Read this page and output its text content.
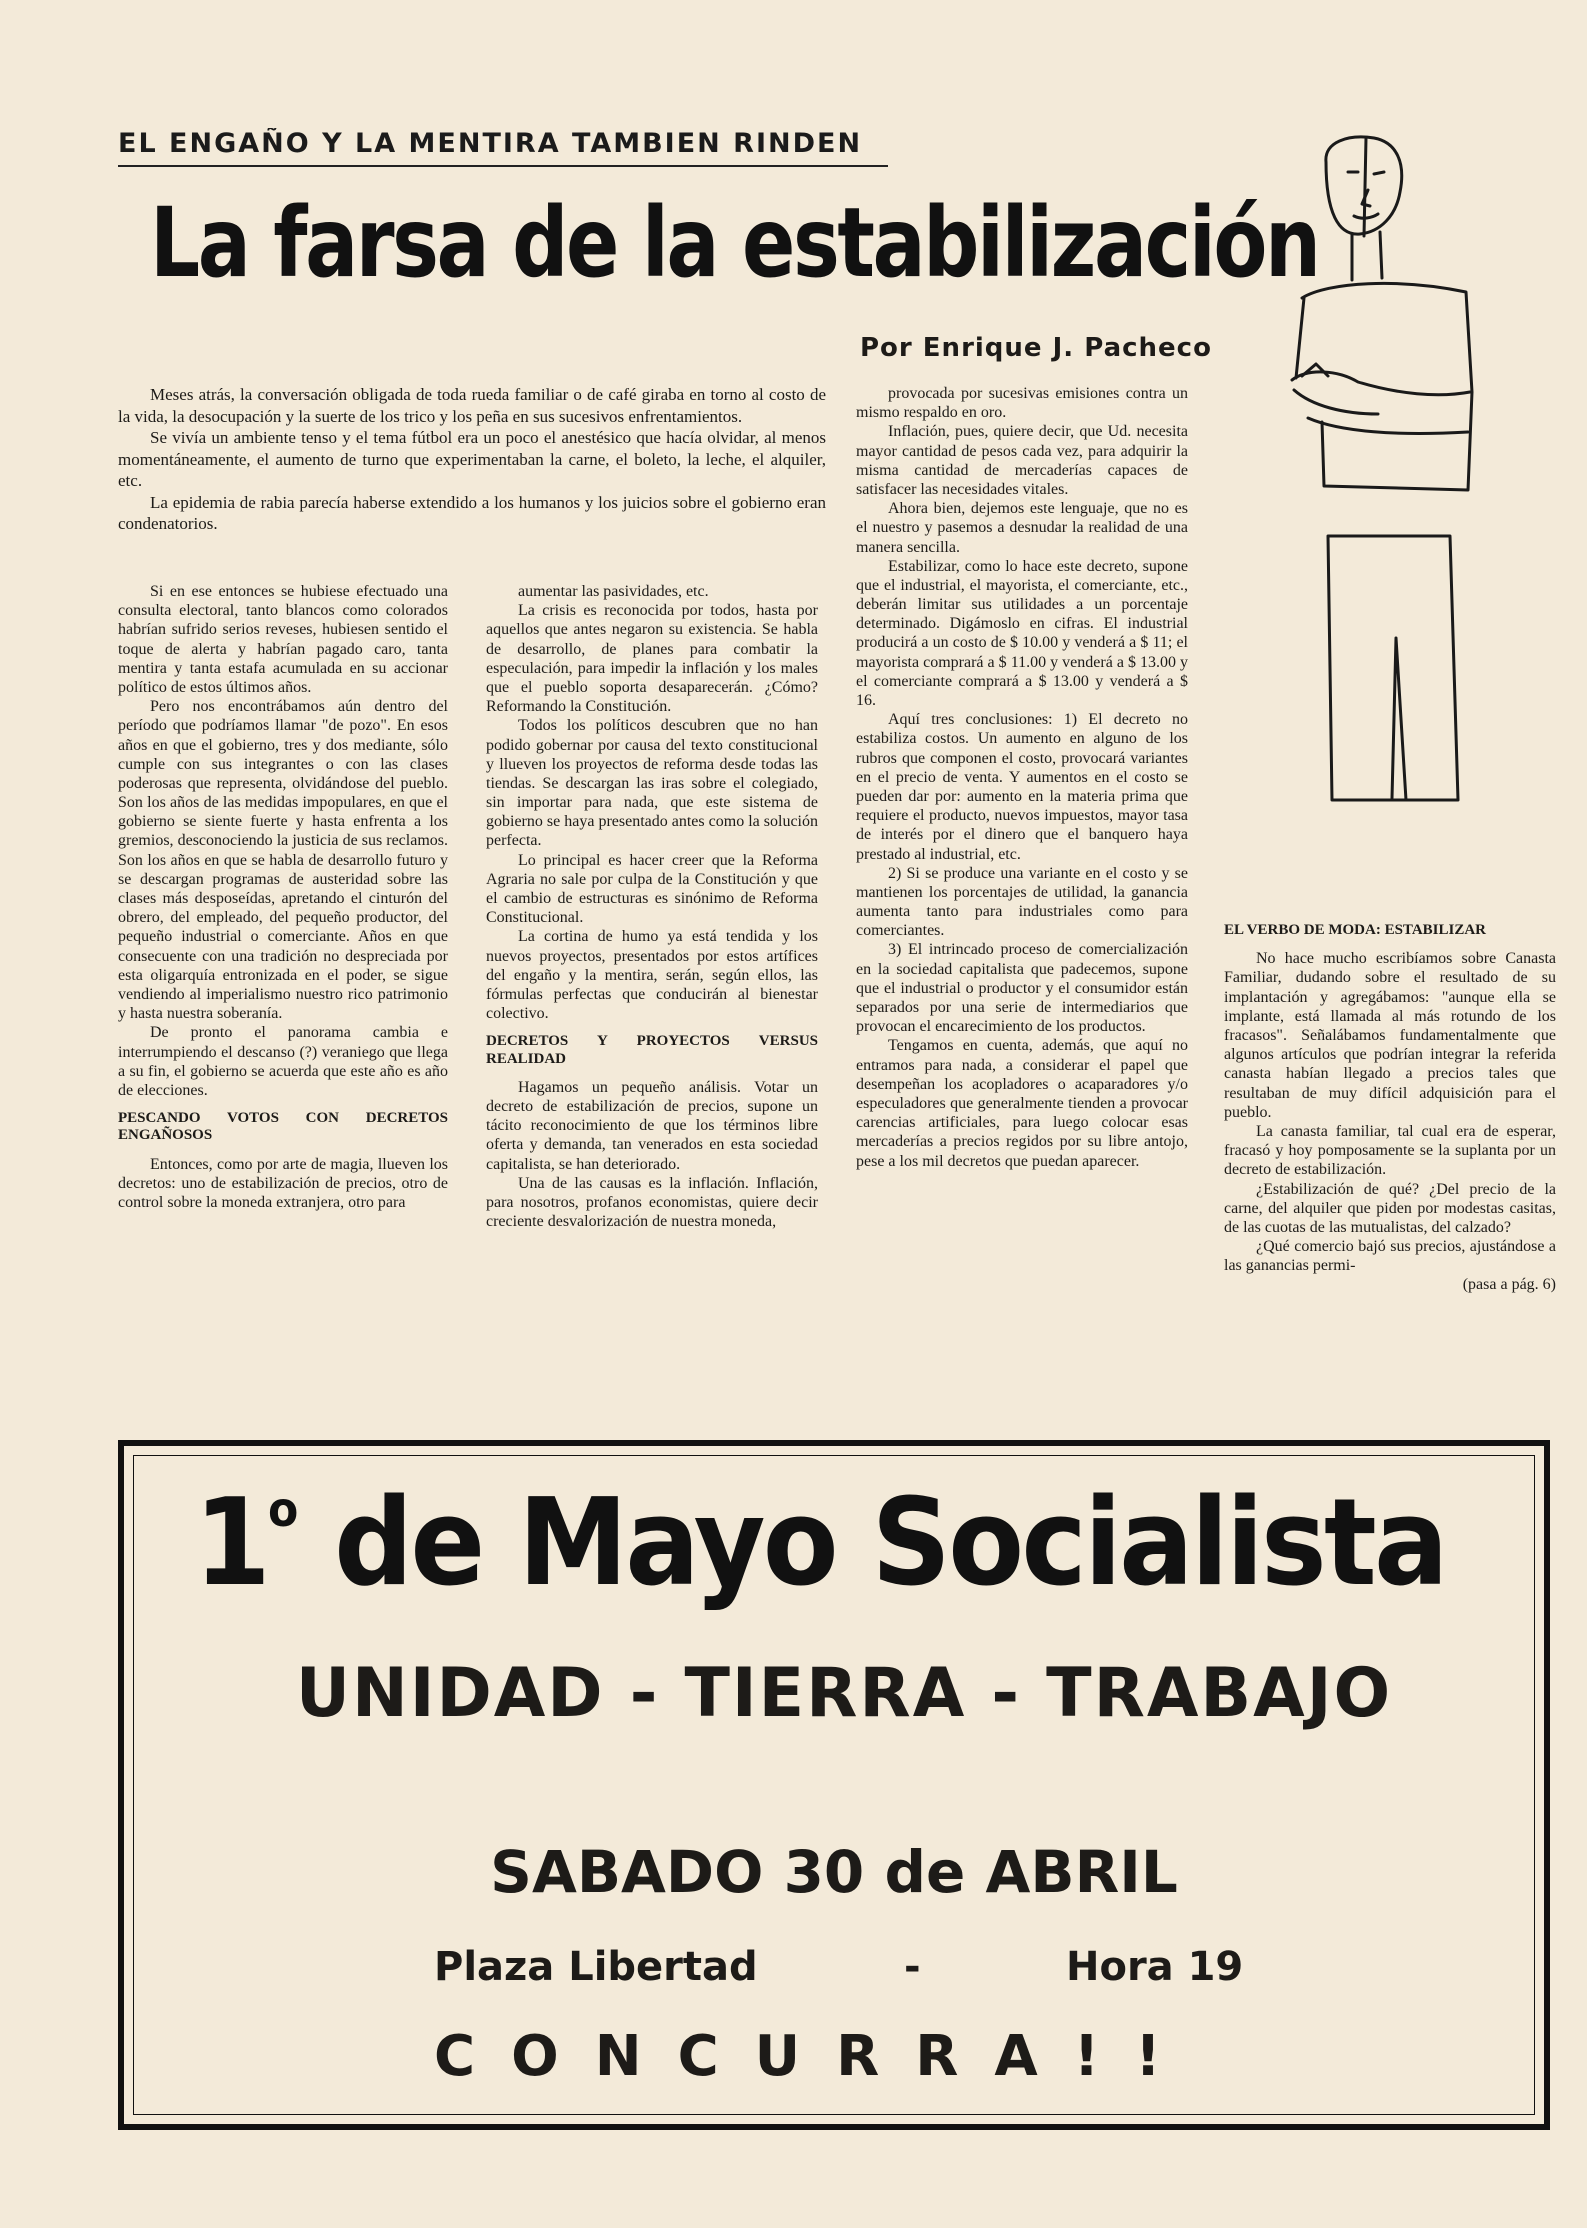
EL ENGAÑO Y LA MENTIRA TAMBIEN RINDEN
La farsa de la estabilización
Por Enrique J. Pacheco

Meses atrás, la conversación obligada de toda rueda familiar o de café giraba en torno al costo de la vida, la desocupación y la suerte de los trico y los peña en sus sucesivos enfrentamientos.

Se vivía un ambiente tenso y el tema fútbol era un poco el anestésico que hacía olvidar, al menos momentáneamente, el aumento de turno que experimentaban la carne, el boleto, la leche, el alquiler, etc.

La epidemia de rabia parecía haberse extendido a los humanos y los juicios sobre el gobierno eran condenatorios.

Si en ese entonces se hubiese efectuado una consulta electoral, tanto blancos como colorados habrían sufrido serios reveses, hubiesen sentido el toque de alerta y habrían pagado caro, tanta mentira y tanta estafa acumulada en su accionar político de estos últimos años.

Pero nos encontrábamos aún dentro del período que podríamos llamar "de pozo". En esos años en que el gobierno, tres y dos mediante, sólo cumple con sus integrantes o con las clases poderosas que representa, olvidándose del pueblo. Son los años de las medidas impopulares, en que el gobierno se siente fuerte y hasta enfrenta a los gremios, desconociendo la justicia de sus reclamos. Son los años en que se habla de desarrollo futuro y se descargan programas de austeridad sobre las clases más desposeídas, apretando el cinturón del obrero, del empleado, del pequeño productor, del pequeño industrial o comerciante. Años en que consecuente con una tradición no despreciada por esta oligarquía entronizada en el poder, se sigue vendiendo al imperialismo nuestro rico patrimonio y hasta nuestra soberanía.

De pronto el panorama cambia e interrumpiendo el descanso (?) veraniego que llega a su fin, el gobierno se acuerda que este año es año de elecciones.

PESCANDO VOTOS CON DECRETOS ENGAÑOSOS

Entonces, como por arte de magia, llueven los decretos: uno de estabilización de precios, otro de control sobre la moneda extranjera, otro para

aumentar las pasividades, etc.

La crisis es reconocida por todos, hasta por aquellos que antes negaron su existencia. Se habla de desarrollo, de planes para combatir la especulación, para impedir la inflación y los males que el pueblo soporta desaparecerán. ¿Cómo? Reformando la Constitución.

Todos los políticos descubren que no han podido gobernar por causa del texto constitucional y llueven los proyectos de reforma desde todas las tiendas. Se descargan las iras sobre el colegiado, sin importar para nada, que este sistema de gobierno se haya presentado antes como la solución perfecta.

Lo principal es hacer creer que la Reforma Agraria no sale por culpa de la Constitución y que el cambio de estructuras es sinónimo de Reforma Constitucional.

La cortina de humo ya está tendida y los nuevos proyectos, presentados por estos artífices del engaño y la mentira, serán, según ellos, las fórmulas perfectas que conducirán al bienestar colectivo.

DECRETOS Y PROYECTOS VERSUS REALIDAD

Hagamos un pequeño análisis. Votar un decreto de estabilización de precios, supone un tácito reconocimiento de que los términos libre oferta y demanda, tan venerados en esta sociedad capitalista, se han deteriorado.

Una de las causas es la inflación. Inflación, para nosotros, profanos economistas, quiere decir creciente desvalorización de nuestra moneda,

provocada por sucesivas emisiones contra un mismo respaldo en oro.

Inflación, pues, quiere decir, que Ud. necesita mayor cantidad de pesos cada vez, para adquirir la misma cantidad de mercaderías capaces de satisfacer las necesidades vitales.

Ahora bien, dejemos este lenguaje, que no es el nuestro y pasemos a desnudar la realidad de una manera sencilla.

Estabilizar, como lo hace este decreto, supone que el industrial, el mayorista, el comerciante, etc., deberán limitar sus utilidades a un porcentaje determinado. Digámoslo en cifras. El industrial producirá a un costo de $ 10.00 y venderá a $ 11; el mayorista comprará a $ 11.00 y venderá a $ 13.00 y el comerciante comprará a $ 13.00 y venderá a $ 16.

Aquí tres conclusiones: 1) El decreto no estabiliza costos. Un aumento en alguno de los rubros que componen el costo, provocará variantes en el precio de venta. Y aumentos en el costo se pueden dar por: aumento en la materia prima que requiere el producto, nuevos impuestos, mayor tasa de interés por el dinero que el banquero haya prestado al industrial, etc.

2) Si se produce una variante en el costo y se mantienen los porcentajes de utilidad, la ganancia aumenta tanto para industriales como para comerciantes.

3) El intrincado proceso de comercialización en la sociedad capitalista que padecemos, supone que el industrial o productor y el consumidor están separados por una serie de intermediarios que provocan el encarecimiento de los productos.

Tengamos en cuenta, además, que aquí no entramos para nada, a considerar el papel que desempeñan los acopladores o acaparadores y/o especuladores que generalmente tienden a provocar carencias artificiales, para luego colocar esas mercaderías a precios regidos por su libre antojo, pese a los mil decretos que puedan aparecer.

EL VERBO DE MODA: ESTABILIZAR

No hace mucho escribíamos sobre Canasta Familiar, dudando sobre el resultado de su implantación y agregábamos: "aunque ella se implante, está llamada al más rotundo de los fracasos". Señalábamos fundamentalmente que algunos artículos que podrían integrar la referida canasta habían llegado a precios tales que resultaban de muy difícil adquisición para el pueblo.

La canasta familiar, tal cual era de esperar, fracasó y hoy pomposamente se la suplanta por un decreto de estabilización.

¿Estabilización de qué? ¿Del precio de la carne, del alquiler que piden por modestas casitas, de las cuotas de las mutualistas, del calzado?

¿Qué comercio bajó sus precios, ajustándose a las ganancias permi-

(pasa a pág. 6)

1$^o$ de Mayo Socialista
UNIDAD - TIERRA - TRABAJO
SABADO 30 de ABRIL
Plaza Libertad	-	Hora 19
CONCURRA!!
